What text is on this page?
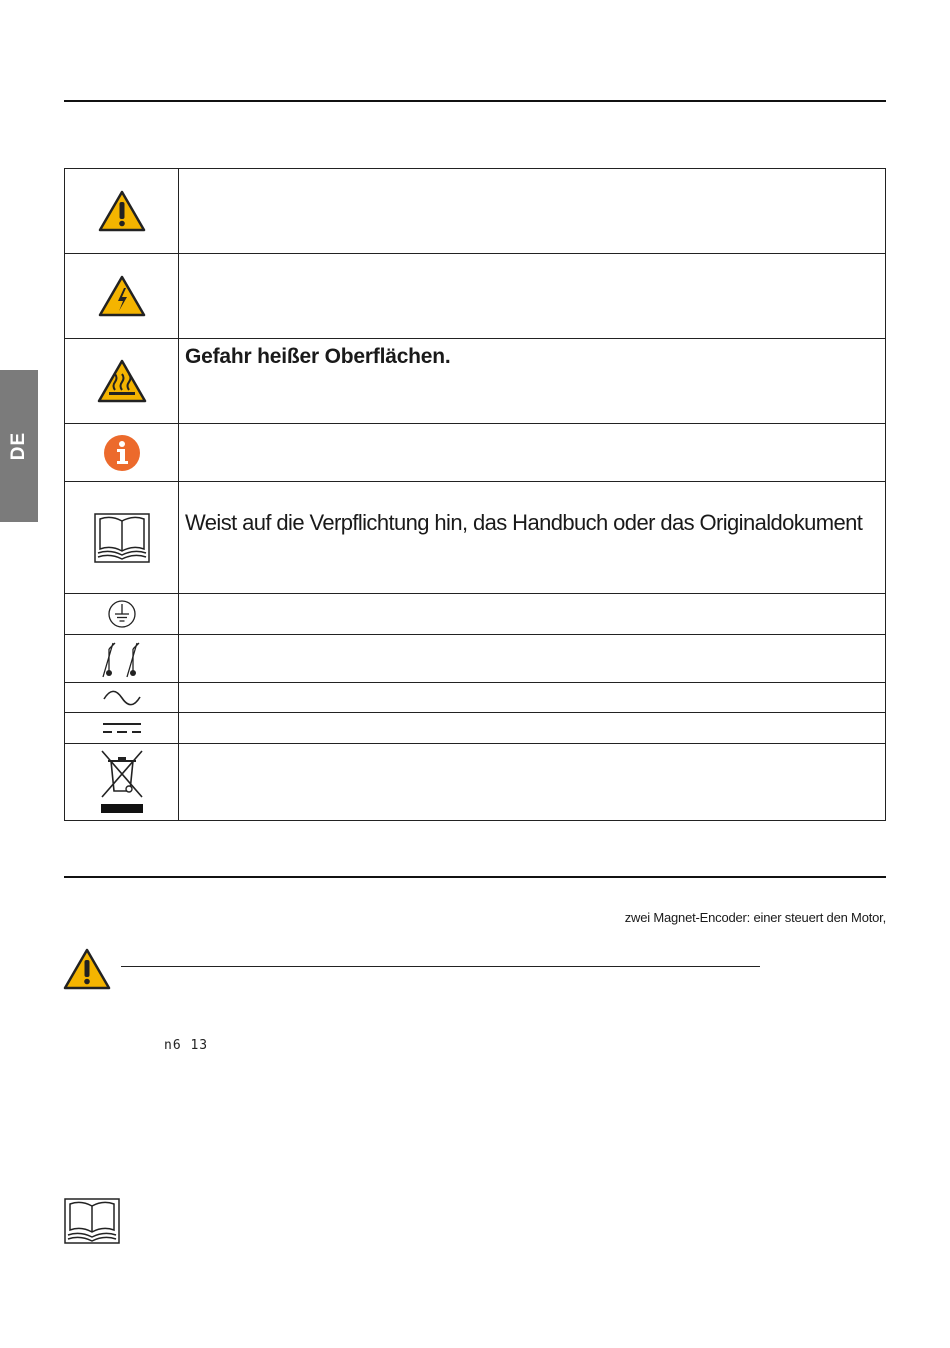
DE

	Gefahr heißer Oberflächen.

Weist auf die Verpflichtung hin, das Handbuch oder das Originaldokument

zwei Magnet-Encoder: einer steuert den Motor,
n6 13
